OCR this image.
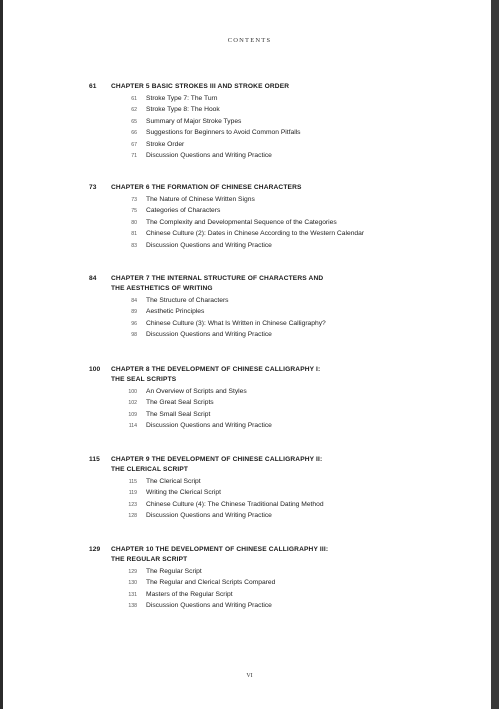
CONTENTS
61 CHAPTER 5 BASIC STROKES III AND STROKE ORDER
61 Stroke Type 7: The Turn
62 Stroke Type 8: The Hook
65 Summary of Major Stroke Types
66 Suggestions for Beginners to Avoid Common Pitfalls
67 Stroke Order
71 Discussion Questions and Writing Practice
73 CHAPTER 6 THE FORMATION OF CHINESE CHARACTERS
73 The Nature of Chinese Written Signs
75 Categories of Characters
80 The Complexity and Developmental Sequence of the Categories
81 Chinese Culture (2): Dates in Chinese According to the Western Calendar
83 Discussion Questions and Writing Practice
84 CHAPTER 7 THE INTERNAL STRUCTURE OF CHARACTERS AND
THE AESTHETICS OF WRITING
84 The Structure of Characters
89 Aesthetic Principles
96 Chinese Culture (3): What Is Written in Chinese Calligraphy?
98 Discussion Questions and Writing Practice
100 CHAPTER 8 THE DEVELOPMENT OF CHINESE CALLIGRAPHY I:
THE SEAL SCRIPTS
100 An Overview of Scripts and Styles
102 The Great Seal Scripts
109 The Small Seal Script
114 Discussion Questions and Writing Practice
115 CHAPTER 9 THE DEVELOPMENT OF CHINESE CALLIGRAPHY II:
THE CLERICAL SCRIPT
115 The Clerical Script
119 Writing the Clerical Script
123 Chinese Culture (4): The Chinese Traditional Dating Method
128 Discussion Questions and Writing Practice
129 CHAPTER 10 THE DEVELOPMENT OF CHINESE CALLIGRAPHY III:
THE REGULAR SCRIPT
129 The Regular Script
130 The Regular and Clerical Scripts Compared
131 Masters of the Regular Script
138 Discussion Questions and Writing Practice
VI
